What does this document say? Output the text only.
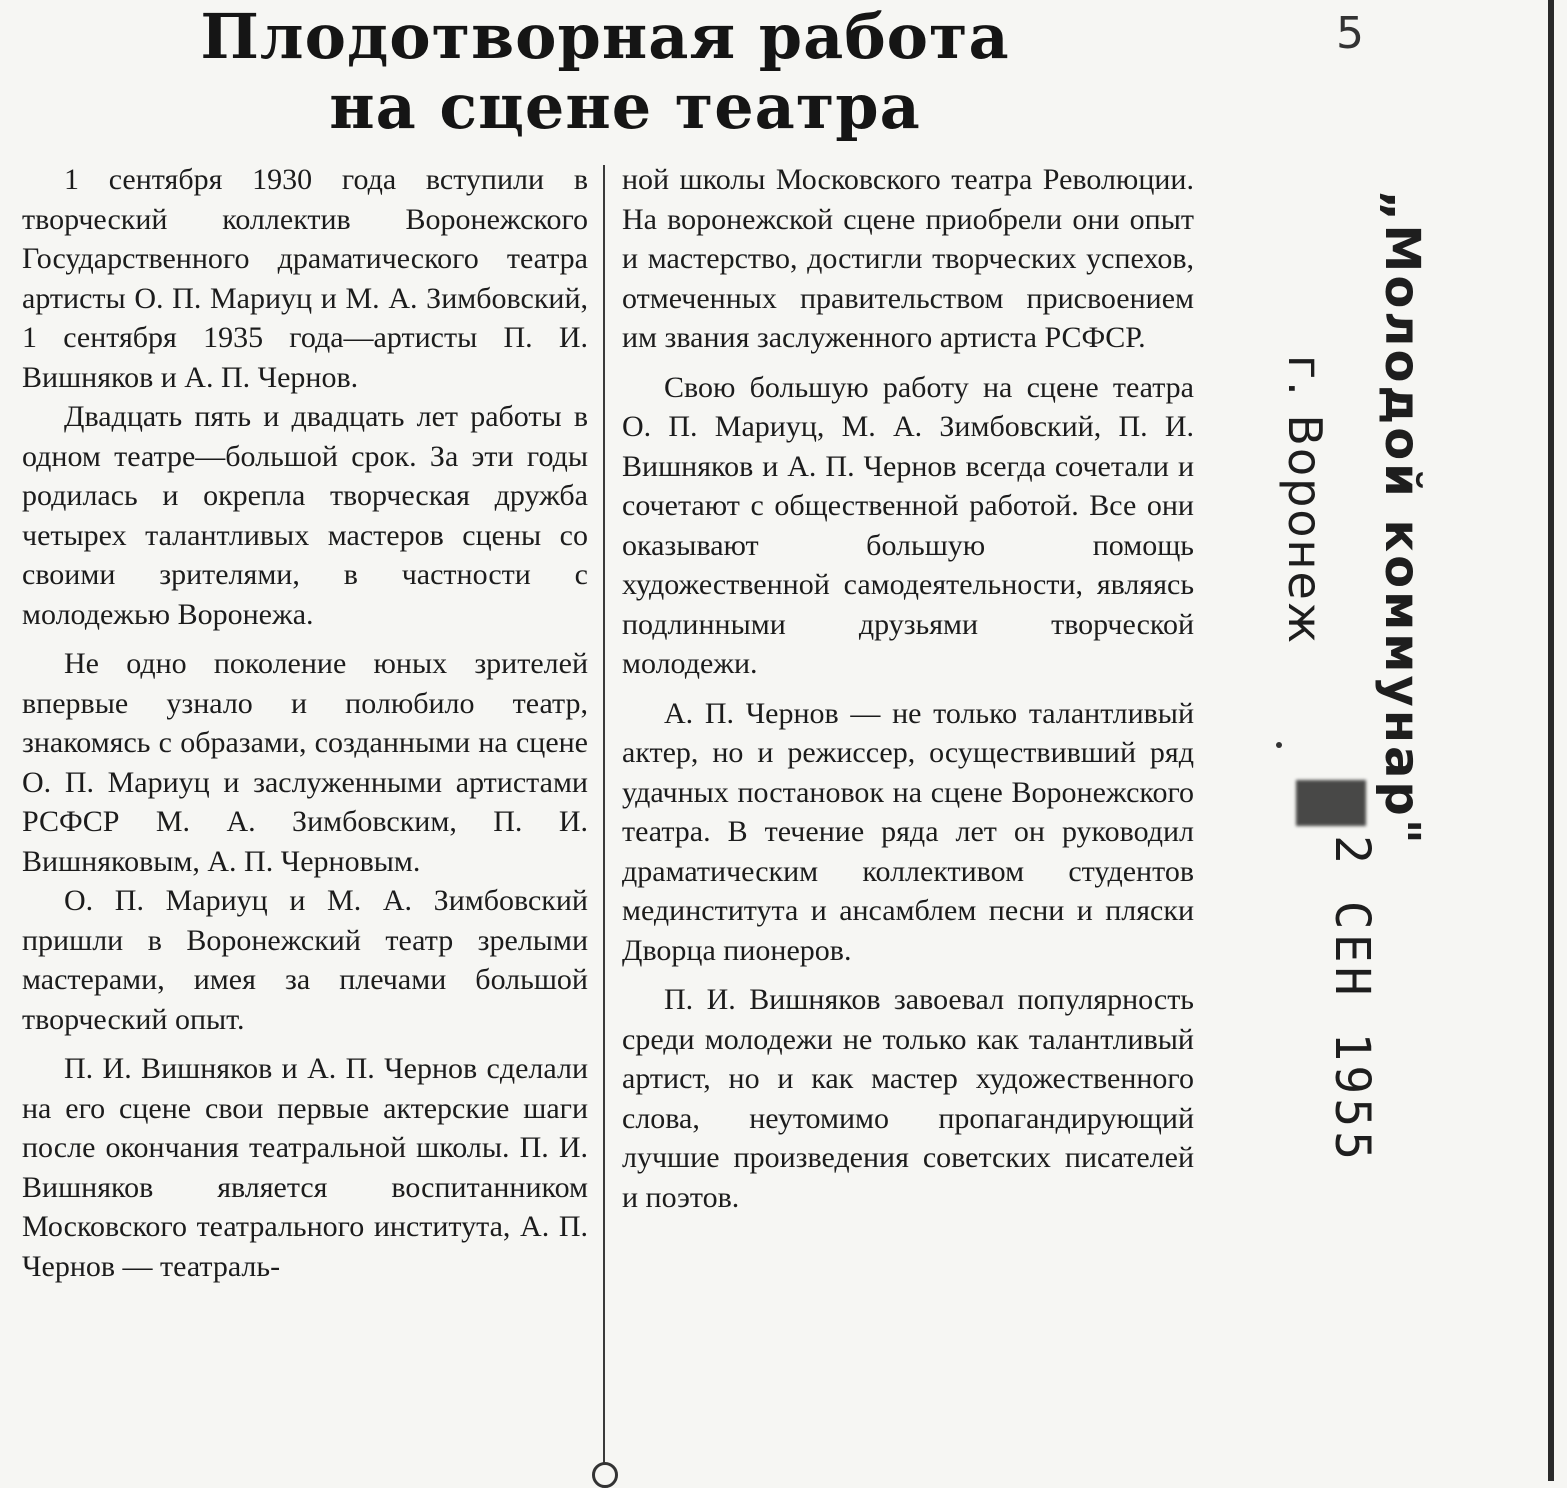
5
Плодотворная работа
на сцене театра

1 сентября 1930 года вступили в творческий коллектив Воронежского Государственного драматического театра артисты О. П. Мариуц и М. А. Зимбовский, 1 сентября 1935 года—артисты П. И. Вишняков и А. П. Чернов.

Двадцать пять и двадцать лет работы в одном театре—большой срок. За эти годы родилась и окрепла творческая дружба четырех талантливых мастеров сцены со своими зрителями, в частности с молодежью Воронежа.

Не одно поколение юных зрителей впервые узнало и полюбило театр, знакомясь с образами, созданными на сцене О. П. Мариуц и заслуженными артистами РСФСР М. А. Зимбовским, П. И. Вишняковым, А. П. Черновым.

О. П. Мариуц и М. А. Зимбовский пришли в Воронежский театр зрелыми мастерами, имея за плечами большой творческий опыт.

П. И. Вишняков и А. П. Чернов сделали на его сцене свои первые актерские шаги после окончания театральной школы. П. И. Вишняков является воспитанником Московского театрального института, А. П. Чернов — театраль-

ной школы Московского театра Революции. На воронежской сцене приобрели они опыт и мастерство, достигли творческих успехов, отмеченных правительством присвоением им звания заслуженного артиста РСФСР.

Свою большую работу на сцене театра О. П. Мариуц, М. А. Зимбовский, П. И. Вишняков и А. П. Чернов всегда сочетали и сочетают с общественной работой. Все они оказывают большую помощь художественной самодеятельности, являясь подлинными друзьями творческой молодежи.

А. П. Чернов — не только талантливый актер, но и режиссер, осуществивший ряд удачных постановок на сцене Воронежского театра. В течение ряда лет он руководил драматическим коллективом студентов мединститута и ансамблем песни и пляски Дворца пионеров.

П. И. Вишняков завоевал популярность среди молодежи не только как талантливый артист, но и как мастер художественного слова, неутомимо пропагандирующий лучшие произведения советских писателей и поэтов.

„Молодой коммунар"
г. Воронеж
2 СЕН 1955
